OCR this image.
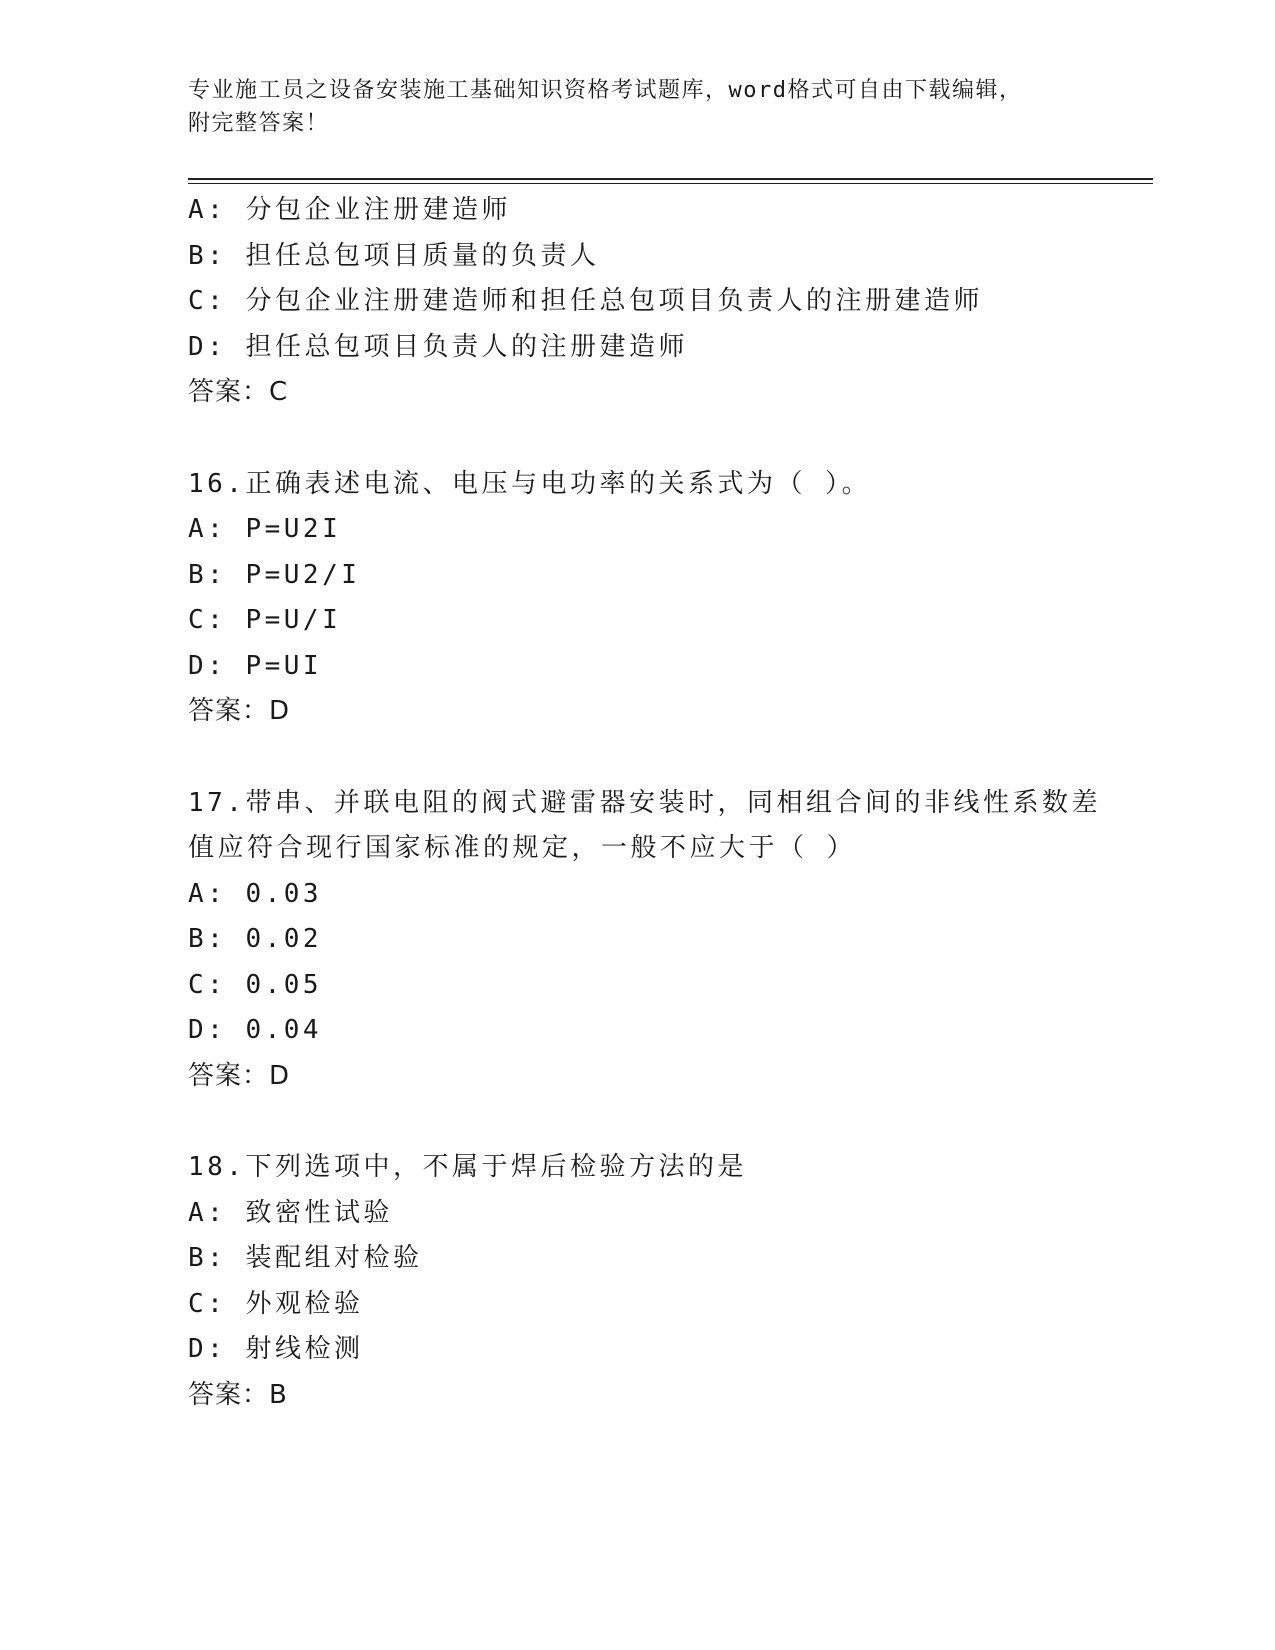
专业施工员之设备安装施工基础知识资格考试题库，word格式可自由下载编辑，
附完整答案！
A: 分包企业注册建造师
B: 担任总包项目质量的负责人
C: 分包企业注册建造师和担任总包项目负责人的注册建造师
D: 担任总包项目负责人的注册建造师
答案：C
16.正确表述电流、电压与电功率的关系式为（ ）。
A: P=U2I
B: P=U2/I
C: P=U/I
D: P=UI
答案：D
17.带串、并联电阻的阀式避雷器安装时，同相组合间的非线性系数差
值应符合现行国家标准的规定，一般不应大于（ ）
A: 0.03
B: 0.02
C: 0.05
D: 0.04
答案：D
18.下列选项中，不属于焊后检验方法的是
A: 致密性试验
B: 装配组对检验
C: 外观检验
D: 射线检测
答案：B
